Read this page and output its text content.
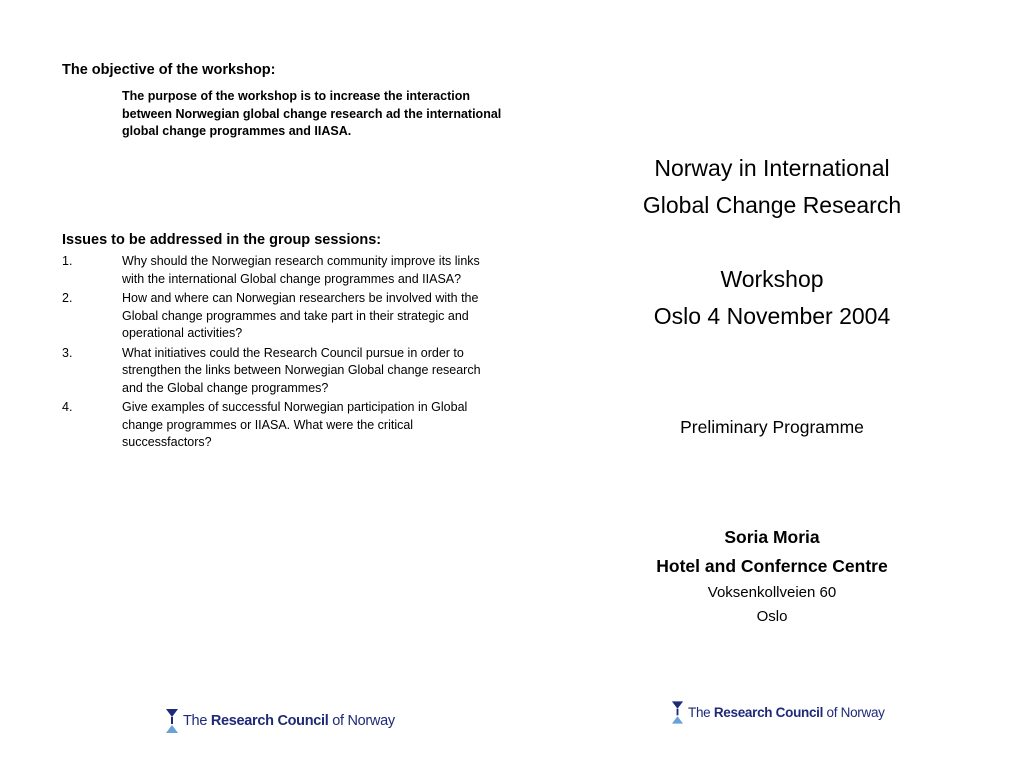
The objective of the workshop:

The purpose of the workshop is to increase the interaction between Norwegian global change research ad the international global change programmes and IIASA.

Issues to be addressed in the group sessions:

1.	Why should the Norwegian research community improve its links with the international Global change programmes and IIASA?
2.	How and where can Norwegian researchers be involved with the Global change programmes and take part in their strategic and operational activities?
3.	What initiatives could the Research Council pursue in order to strengthen the links between Norwegian Global change research and the Global change programmes?
4.	Give examples of successful Norwegian participation in Global change programmes or IIASA. What were the critical successfactors?

Norway in International

Global Change Research

Workshop

Oslo 4 November 2004

Preliminary Programme

Soria Moria

Hotel and Confernce Centre

Voksenkollveien 60

Oslo

The Research Council of Norway
The Research Council of Norway
